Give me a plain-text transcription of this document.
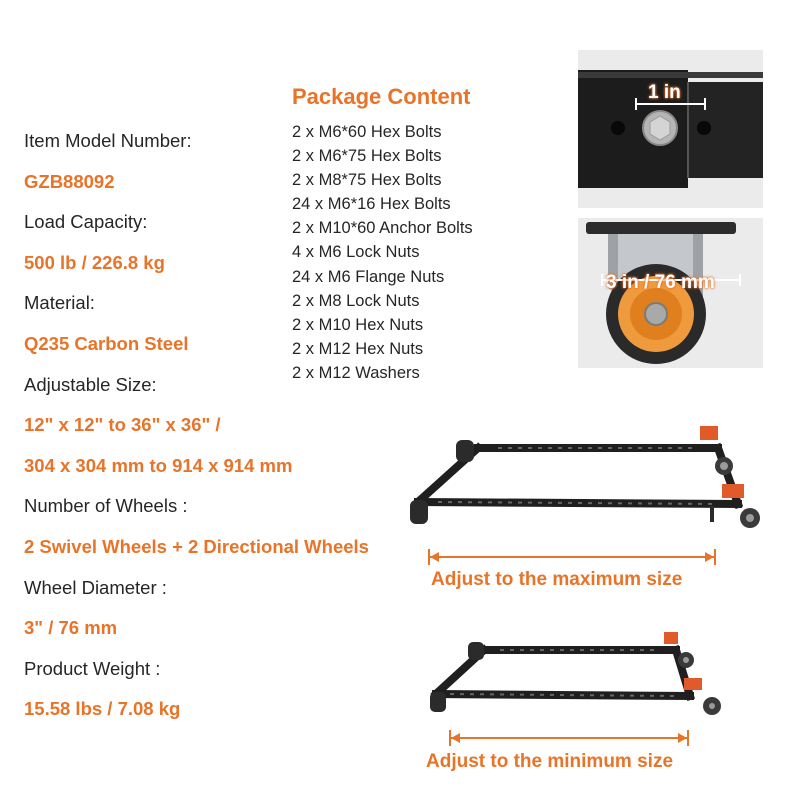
Item Model Number:
GZB88092
Load Capacity:
500 lb / 226.8 kg
Material:
Q235 Carbon Steel
Adjustable Size:
12" x 12" to 36" x 36" /
304 x 304 mm to 914 x 914 mm
Number of Wheels :
2 Swivel Wheels + 2 Directional Wheels
Wheel Diameter :
3" / 76 mm
Product Weight :
15.58 lbs / 7.08 kg
Package Content
2 x M6*60 Hex Bolts
2 x M6*75 Hex Bolts
2 x M8*75 Hex Bolts
24 x M6*16 Hex Bolts
2 x M10*60 Anchor Bolts
4 x M6 Lock Nuts
24 x M6 Flange Nuts
2 x M8 Lock Nuts
2 x M10 Hex Nuts
2 x M12 Hex Nuts
2 x M12 Washers
1 in
3 in / 76 mm
Adjust to the maximum size
Adjust to the minimum size
